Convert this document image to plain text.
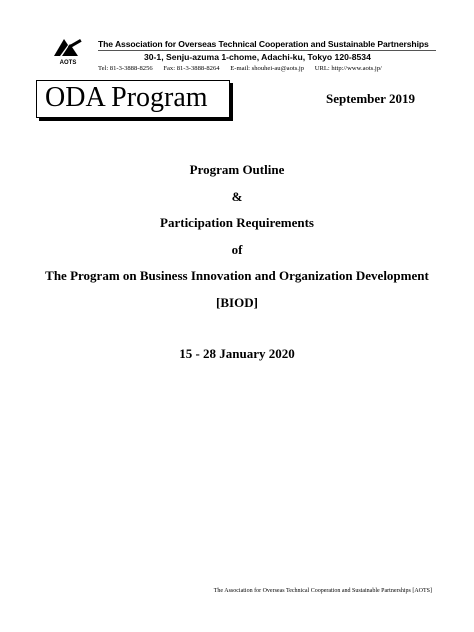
AOTS
The Association for Overseas Technical Cooperation and Sustainable Partnerships
30-1, Senju-azuma 1-chome, Adachi-ku, Tokyo 120-8534
Tel: 81-3-3888-8256 Fax: 81-3-3888-8264 E-mail: shouhei-au@aots.jp URL: http://www.aots.jp/
ODA Program	September 2019
Program Outline
&
Participation Requirements
of
The Program on Business Innovation and Organization Development
[BIOD]
15 - 28 January 2020
The Association for Overseas Technical Cooperation and Sustainable Partnerships [AOTS]
